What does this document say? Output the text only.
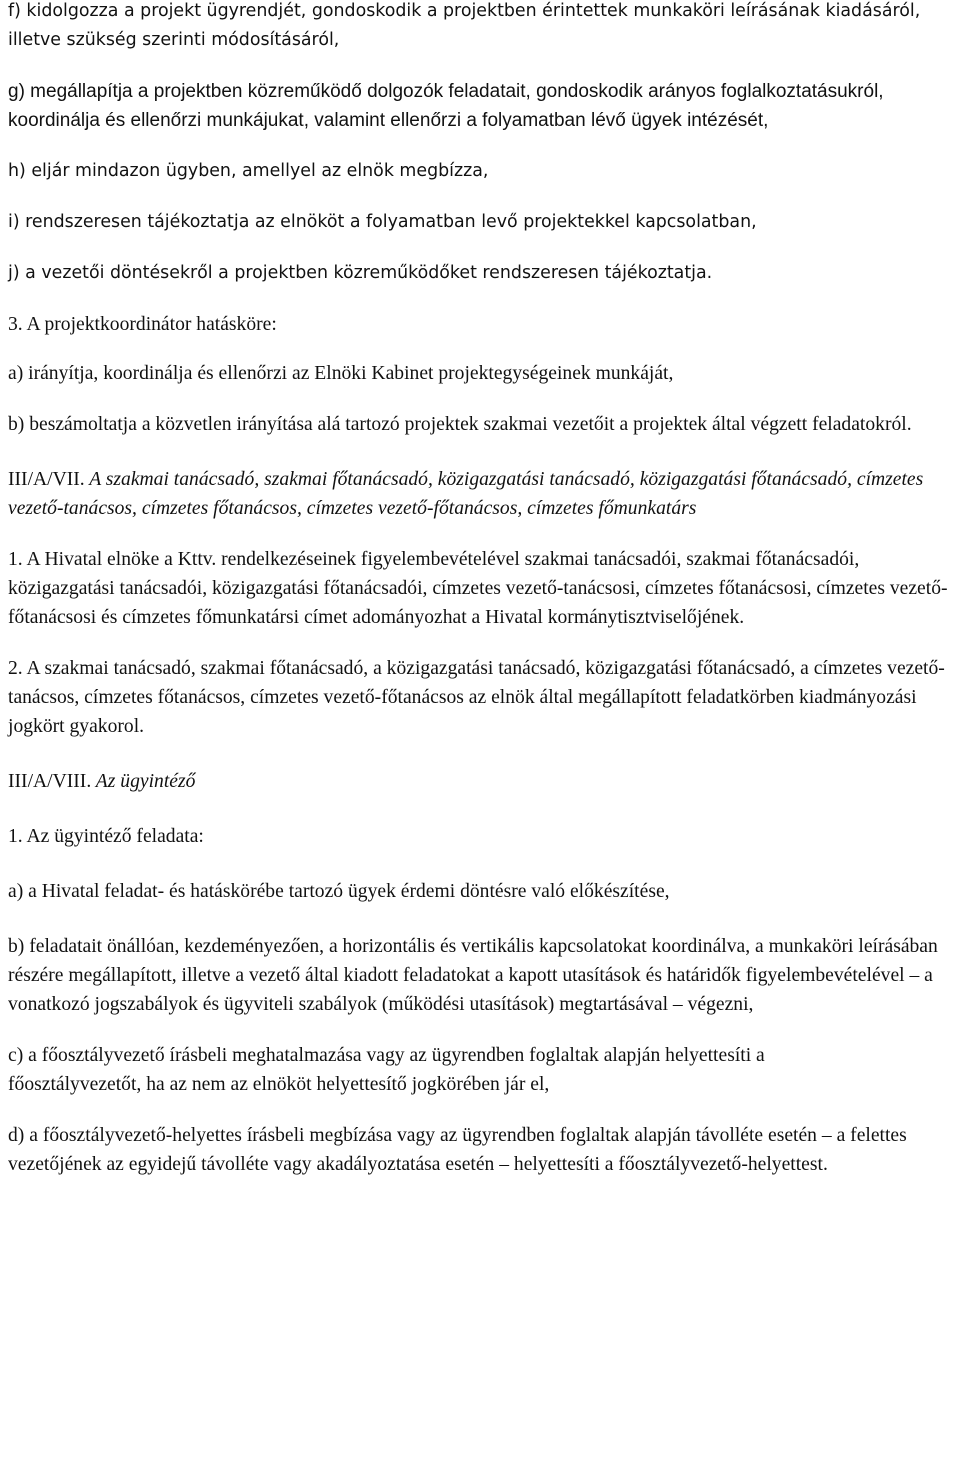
f) kidolgozza a projekt ügyrendjét, gondoskodik a projektben érintettek munkaköri leírásának kiadásáról, illetve szükség szerinti módosításáról,

g) megállapítja a projektben közreműködő dolgozók feladatait, gondoskodik arányos foglalkoztatásukról, koordinálja és ellenőrzi munkájukat, valamint ellenőrzi a folyamatban lévő ügyek intézését,

h) eljár mindazon ügyben, amellyel az elnök megbízza,

i) rendszeresen tájékoztatja az elnököt a folyamatban levő projektekkel kapcsolatban,

j) a vezetői döntésekről a projektben közreműködőket rendszeresen tájékoztatja.

3. A projektkoordinátor hatásköre:

a) irányítja, koordinálja és ellenőrzi az Elnöki Kabinet projektegységeinek munkáját,

b) beszámoltatja a közvetlen irányítása alá tartozó projektek szakmai vezetőit a projektek által végzett feladatokról.

III/A/VII. A szakmai tanácsadó, szakmai főtanácsadó, közigazgatási tanácsadó, közigazgatási főtanácsadó, címzetes vezető-tanácsos, címzetes főtanácsos, címzetes vezető-főtanácsos, címzetes főmunkatárs

1. A Hivatal elnöke a Kttv. rendelkezéseinek figyelembevételével szakmai tanácsadói, szakmai főtanácsadói, közigazgatási tanácsadói, közigazgatási főtanácsadói, címzetes vezető-tanácsosi, címzetes főtanácsosi, címzetes vezető-főtanácsosi és címzetes főmunkatársi címet adományozhat a Hivatal kormánytisztviselőjének.

2. A szakmai tanácsadó, szakmai főtanácsadó, a közigazgatási tanácsadó, közigazgatási főtanácsadó, a címzetes vezető-tanácsos, címzetes főtanácsos, címzetes vezető-főtanácsos az elnök által megállapított feladatkörben kiadmányozási jogkört gyakorol.

III/A/VIII. Az ügyintéző

1. Az ügyintéző feladata:

a) a Hivatal feladat- és hatáskörébe tartozó ügyek érdemi döntésre való előkészítése,

b) feladatait önállóan, kezdeményezően, a horizontális és vertikális kapcsolatokat koordinálva, a munkaköri leírásában részére megállapított, illetve a vezető által kiadott feladatokat a kapott utasítások és határidők figyelembevételével – a vonatkozó jogszabályok és ügyviteli szabályok (működési utasítások) megtartásával – végezni,

c) a főosztályvezető írásbeli meghatalmazása vagy az ügyrendben foglaltak alapján helyettesíti a főosztályvezetőt, ha az nem az elnököt helyettesítő jogkörében jár el,

d) a főosztályvezető-helyettes írásbeli megbízása vagy az ügyrendben foglaltak alapján távolléte esetén – a felettes vezetőjének az egyidejű távolléte vagy akadályoztatása esetén – helyettesíti a főosztályvezető-helyettest.
